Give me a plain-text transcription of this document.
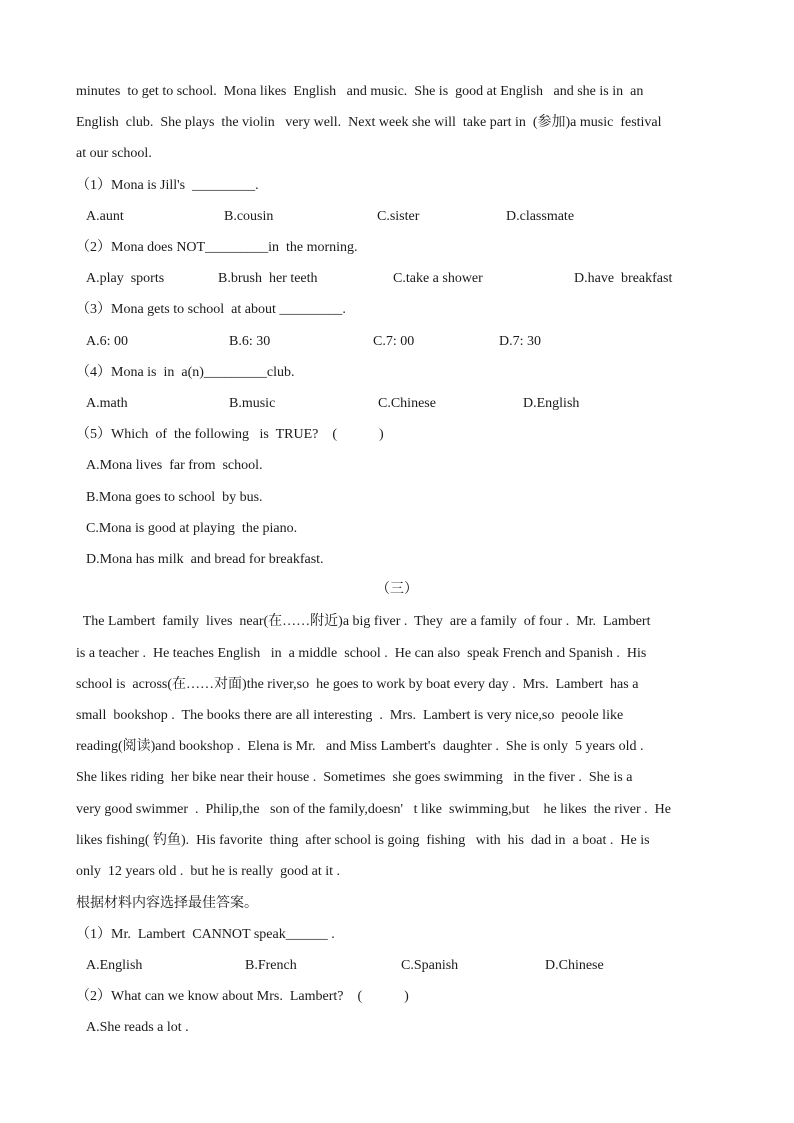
minutes  to get to school.  Mona likes  English   and music.  She is  good at English   and she is in  an
English  club.  She plays  the violin   very well.  Next week she will  take part in  (参加)a music  festival
at our school.
（1）Mona is Jill's  _________.
A.aunt	B.cousin	C.sister	D.classmate
（2）Mona does NOT_________in  the morning.
A.play  sports	B.brush  her teeth	C.take a shower	D.have  breakfast
（3）Mona gets to school  at about _________.
A.6: 00	B.6: 30	C.7: 00	D.7: 30
（4）Mona is  in  a(n)_________club.
A.math	B.music	C.Chinese	D.English
（5）Which  of  the following   is  TRUE?    (            )
A.Mona lives  far from  school.
B.Mona goes to school  by bus.
C.Mona is good at playing  the piano.
D.Mona has milk  and bread for breakfast.
（三）
The Lambert  family  lives  near(在……附近)a big fiver .  They  are a family  of four .  Mr.  Lambert
is a teacher .  He teaches English   in  a middle  school .  He can also  speak French and Spanish .  His
school is  across(在……对面)the river,so  he goes to work by boat every day .  Mrs.  Lambert  has a
small  bookshop .  The books there are all interesting  .  Mrs.  Lambert is very nice,so  peoole like
reading(阅读)and bookshop .  Elena is Mr.   and Miss Lambert's  daughter .  She is only  5 years old .
She likes riding  her bike near their house .  Sometimes  she goes swimming   in the fiver .  She is a
very good swimmer  .  Philip,the   son of the family,doesn'   t like  swimming,but    he likes  the river .  He
likes fishing( 钓鱼).  His favorite  thing  after school is going  fishing   with  his  dad in  a boat .  He is
only  12 years old .  but he is really  good at it .
根据材料内容选择最佳答案。
（1）Mr.  Lambert  CANNOT speak______ .
A.English	B.French	C.Spanish	D.Chinese
（2）What can we know about Mrs.  Lambert?    (            )
A.She reads a lot .
